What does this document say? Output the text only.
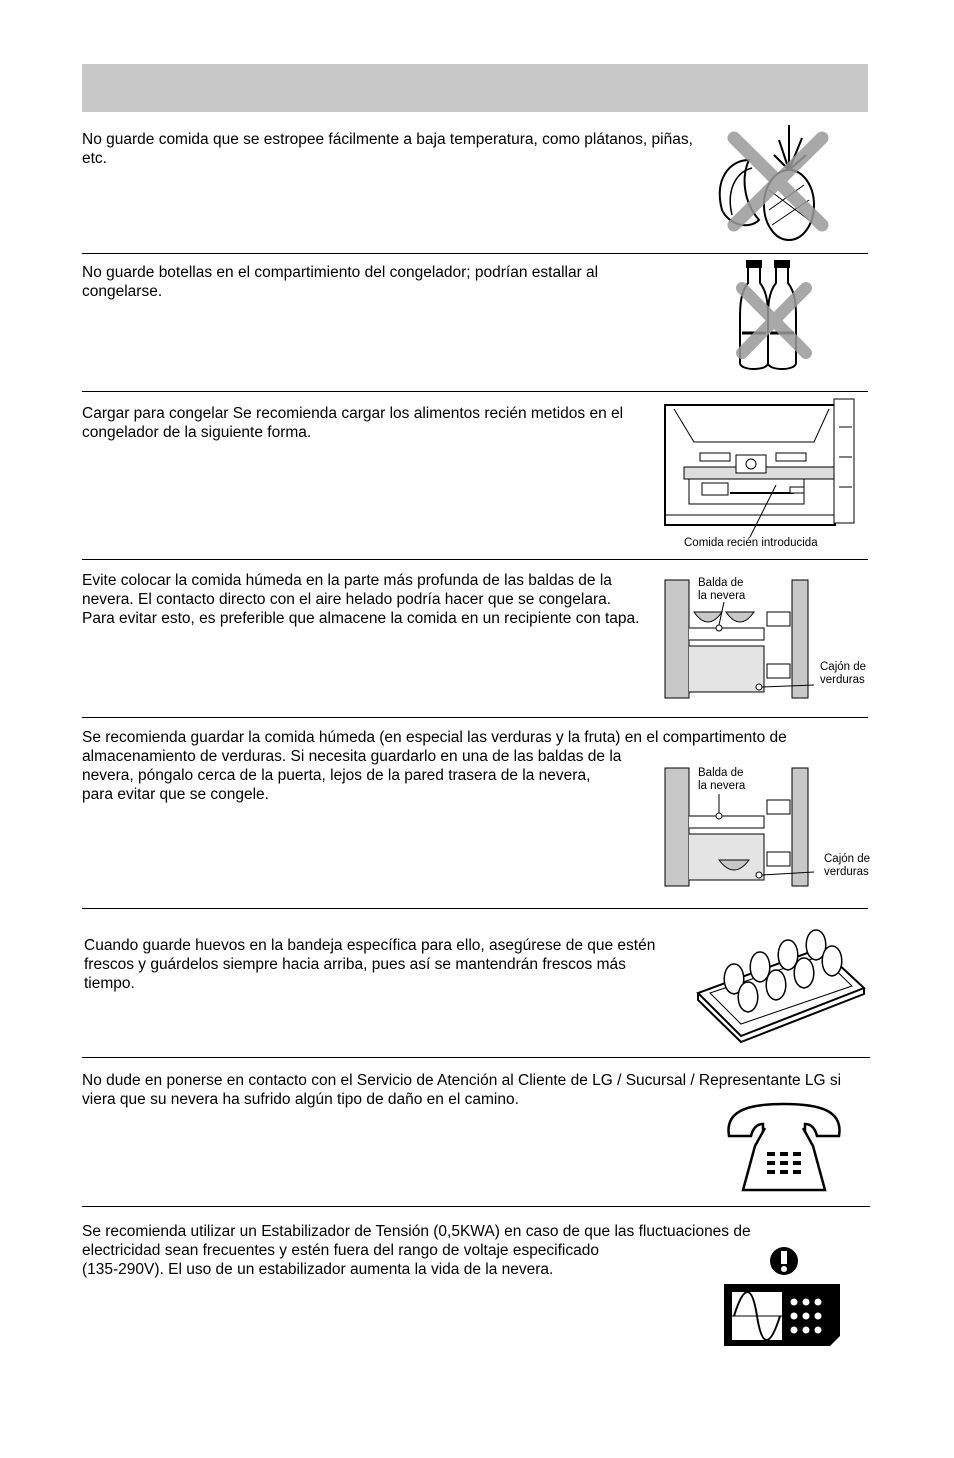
No guarde comida que se estropee fácilmente a baja temperatura, como plátanos, piñas, etc.

No guarde botellas en el compartimiento del congelador; podrían estallar al congelarse.

Cargar para congelar Se recomienda cargar los alimentos recién metidos en el congelador de la siguiente forma.

Comida recién introducida

Evite colocar la comida húmeda en la parte más profunda de las baldas de la nevera. El contacto directo con el aire helado podría hacer que se congelara. Para evitar esto, es preferible que almacene la comida en un recipiente con tapa.

Balda de
la nevera
Cajón de
verduras

Se recomienda guardar la comida húmeda (en especial las verduras y la fruta) en el compartimento de

almacenamiento de verduras. Si necesita guardarlo en una de las baldas de la nevera, póngalo cerca de la puerta, lejos de la pared trasera de la nevera, para evitar que se congele.

Balda de
la nevera
Cajón de
verduras

Cuando guarde huevos en la bandeja específica para ello, asegúrese de que estén frescos y guárdelos siempre hacia arriba, pues así se mantendrán frescos más tiempo.

No dude en ponerse en contacto con el Servicio de Atención al Cliente de LG / Sucursal / Representante LG si viera que su nevera ha sufrido algún tipo de daño en el camino.

Se recomienda utilizar un Estabilizador de Tensión (0,5KWA) en caso de que las fluctuaciones de electricidad sean frecuentes y estén fuera del rango de voltaje especificado
(135-290V). El uso de un estabilizador aumenta la vida de la nevera.
